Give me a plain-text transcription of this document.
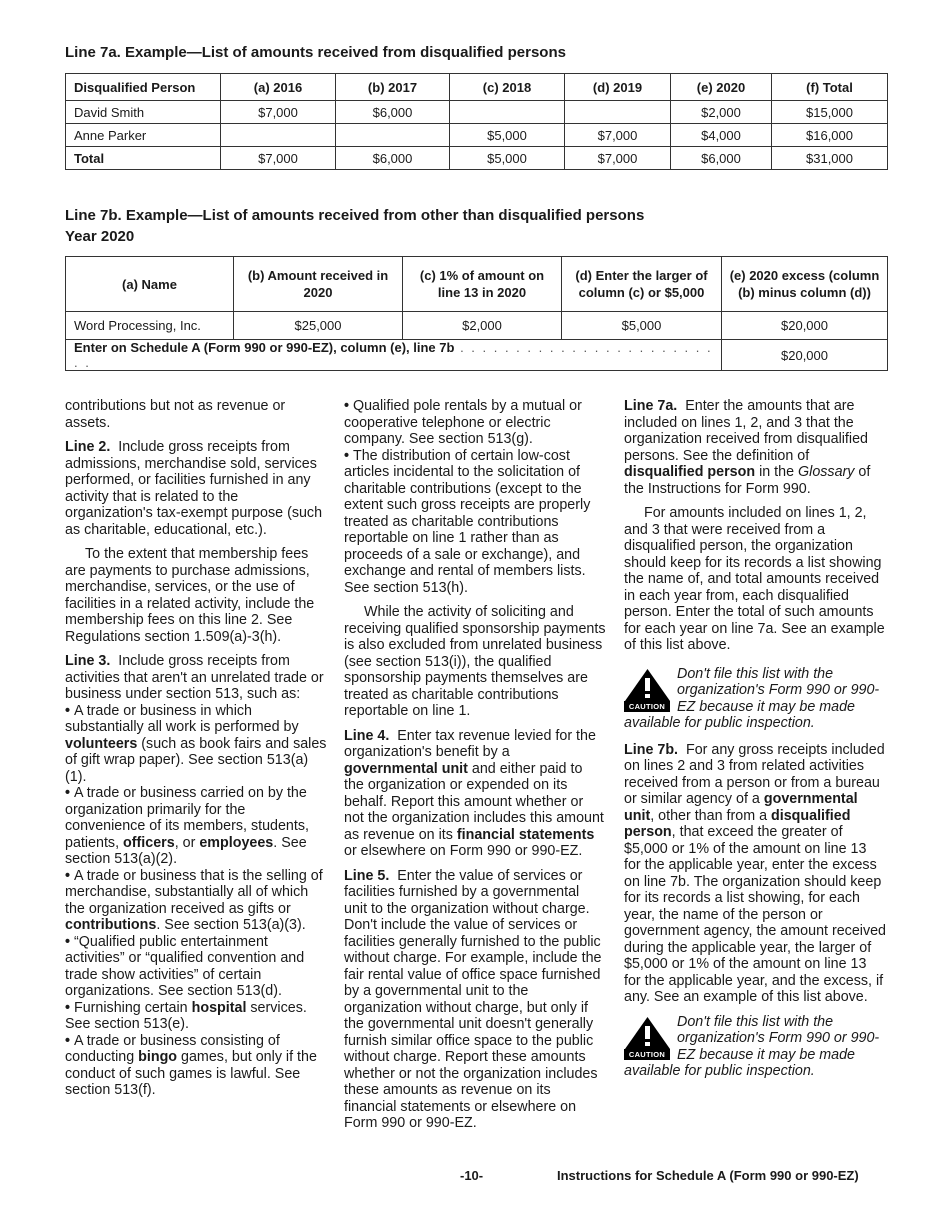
Line 7a. Example—List of amounts received from disqualified persons
Disqualified Person	(a) 2016	(b) 2017	(c) 2018	(d) 2019	(e) 2020	(f) Total
David Smith	$7,000	$6,000			$2,000	$15,000
Anne Parker			$5,000	$7,000	$4,000	$16,000
Total	$7,000	$6,000	$5,000	$7,000	$6,000	$31,000
Line 7b. Example—List of amounts received from other than disqualified persons
Year 2020
(a) Name	(b) Amount received in 2020	(c) 1% of amount on line 13 in 2020	(d) Enter the larger of column (c) or $5,000	(e) 2020 excess (column (b) minus column (d))
Word Processing, Inc.	$25,000	$2,000	$5,000	$20,000
Enter on Schedule A (Form 990 or 990-EZ), column (e), line 7b . . . . . . . . . . . . . . . . . . . . . . . . .				$20,000

contributions but not as revenue or assets.

Line 2. Include gross receipts from admissions, merchandise sold, services performed, or facilities furnished in any activity that is related to the organization's tax-exempt purpose (such as charitable, educational, etc.).

To the extent that membership fees are payments to purchase admissions, merchandise, services, or the use of facilities in a related activity, include the membership fees on this line 2. See Regulations section 1.509(a)-3(h).

Line 3. Include gross receipts from activities that aren't an unrelated trade or business under section 513, such as:
• A trade or business in which substantially all work is performed by volunteers (such as book fairs and sales of gift wrap paper). See section 513(a)(1).
• A trade or business carried on by the organization primarily for the convenience of its members, students, patients, officers, or employees. See section 513(a)(2).
• A trade or business that is the selling of merchandise, substantially all of which the organization received as gifts or contributions. See section 513(a)(3).
• “Qualified public entertainment activities” or “qualified convention and trade show activities” of certain organizations. See section 513(d).
• Furnishing certain hospital services. See section 513(e).
• A trade or business consisting of conducting bingo games, but only if the conduct of such games is lawful. See section 513(f).
• Qualified pole rentals by a mutual or cooperative telephone or electric company. See section 513(g).
• The distribution of certain low-cost articles incidental to the solicitation of charitable contributions (except to the extent such gross receipts are properly treated as charitable contributions reportable on line 1 rather than as proceeds of a sale or exchange), and exchange and rental of members lists. See section 513(h).

While the activity of soliciting and receiving qualified sponsorship payments is also excluded from unrelated business (see section 513(i)), the qualified sponsorship payments themselves are treated as charitable contributions reportable on line 1.

Line 4. Enter tax revenue levied for the organization's benefit by a governmental unit and either paid to the organization or expended on its behalf. Report this amount whether or not the organization includes this amount as revenue on its financial statements or elsewhere on Form 990 or 990-EZ.

Line 5. Enter the value of services or facilities furnished by a governmental unit to the organization without charge. Don't include the value of services or facilities generally furnished to the public without charge. For example, include the fair rental value of office space furnished by a governmental unit to the organization without charge, but only if the governmental unit doesn't generally furnish similar office space to the public without charge. Report these amounts whether or not the organization includes these amounts as revenue on its financial statements or elsewhere on Form 990 or 990-EZ.

Line 7a. Enter the amounts that are included on lines 1, 2, and 3 that the organization received from disqualified persons. See the definition of disqualified person in the Glossary of the Instructions for Form 990.

For amounts included on lines 1, 2, and 3 that were received from a disqualified person, the organization should keep for its records a list showing the name of, and total amounts received in each year from, each disqualified person. Enter the total of such amounts for each year on line 7a. See an example of this list above.

CAUTION
Don't file this list with the organization's Form 990 or 990-EZ because it may be made available for public inspection.

Line 7b. For any gross receipts included on lines 2 and 3 from related activities received from a person or from a bureau or similar agency of a governmental unit, other than from a disqualified person, that exceed the greater of $5,000 or 1% of the amount on line 13 for the applicable year, enter the excess on line 7b. The organization should keep for its records a list showing, for each year, the name of the person or government agency, the amount received during the applicable year, the larger of $5,000 or 1% of the amount on line 13 for the applicable year, and the excess, if any. See an example of this list above.

CAUTION
Don't file this list with the organization's Form 990 or 990-EZ because it may be made available for public inspection.
-10-	Instructions for Schedule A (Form 990 or 990-EZ)
